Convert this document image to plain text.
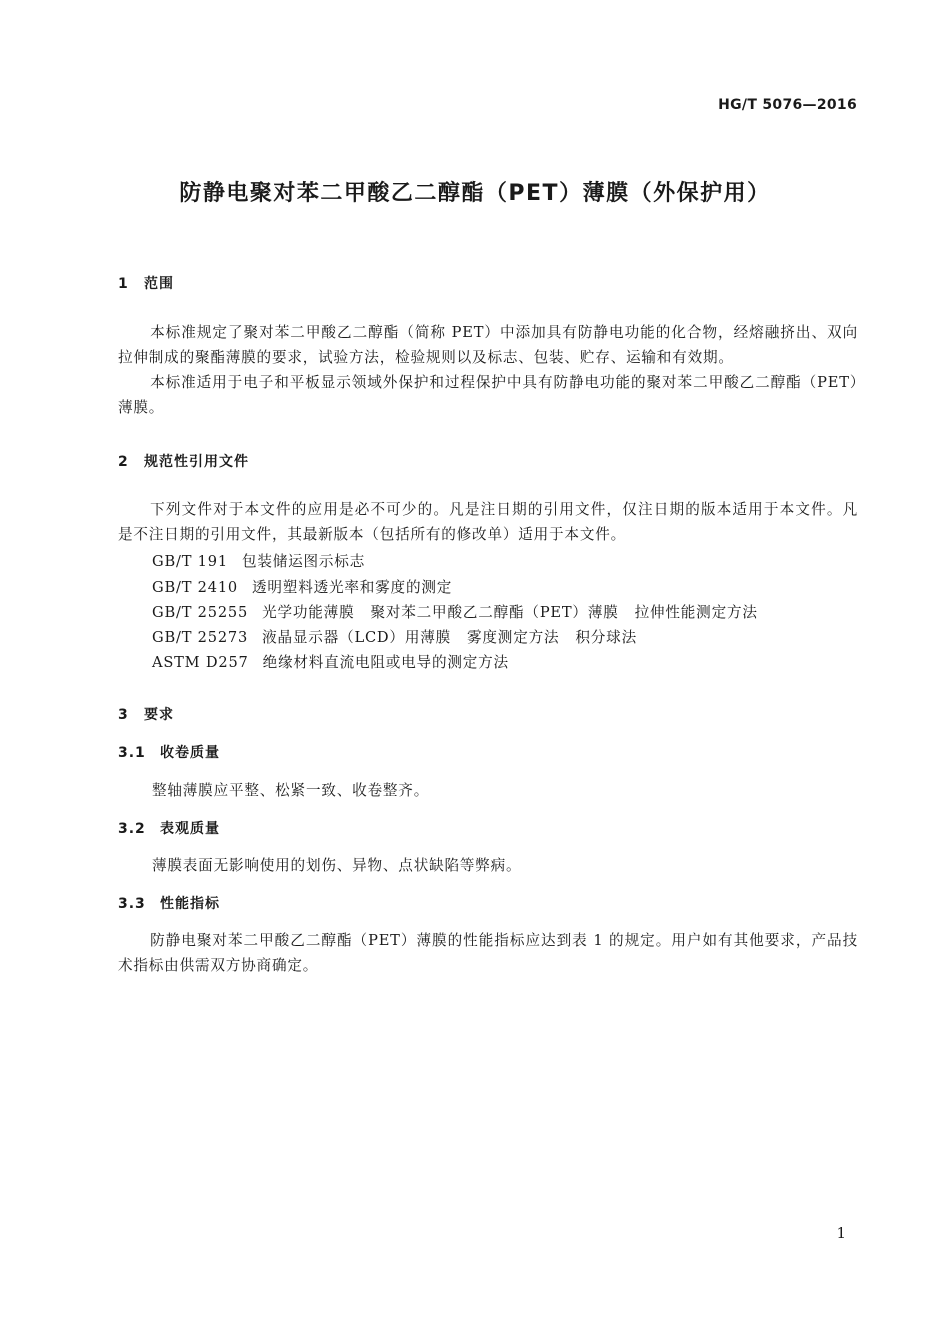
HG/T 5076—2016
防静电聚对苯二甲酸乙二醇酯（PET）薄膜（外保护用）
1 范围

本标准规定了聚对苯二甲酸乙二醇酯（简称 PET）中添加具有防静电功能的化合物，经熔融挤出、双向拉伸制成的聚酯薄膜的要求，试验方法，检验规则以及标志、包装、贮存、运输和有效期。

本标准适用于电子和平板显示领域外保护和过程保护中具有防静电功能的聚对苯二甲酸乙二醇酯（PET）薄膜。

2 规范性引用文件

下列文件对于本文件的应用是必不可少的。凡是注日期的引用文件，仅注日期的版本适用于本文件。凡是不注日期的引用文件，其最新版本（包括所有的修改单）适用于本文件。

GB/T 191 包装储运图示标志
GB/T 2410 透明塑料透光率和雾度的测定
GB/T 25255 光学功能薄膜 聚对苯二甲酸乙二醇酯（PET）薄膜 拉伸性能测定方法
GB/T 25273 液晶显示器（LCD）用薄膜 雾度测定方法 积分球法
ASTM D257 绝缘材料直流电阻或电导的测定方法
3 要求
3.1 收卷质量
整轴薄膜应平整、松紧一致、收卷整齐。
3.2 表观质量
薄膜表面无影响使用的划伤、异物、点状缺陷等弊病。
3.3 性能指标

防静电聚对苯二甲酸乙二醇酯（PET）薄膜的性能指标应达到表 1 的规定。用户如有其他要求，产品技术指标由供需双方协商确定。

1
